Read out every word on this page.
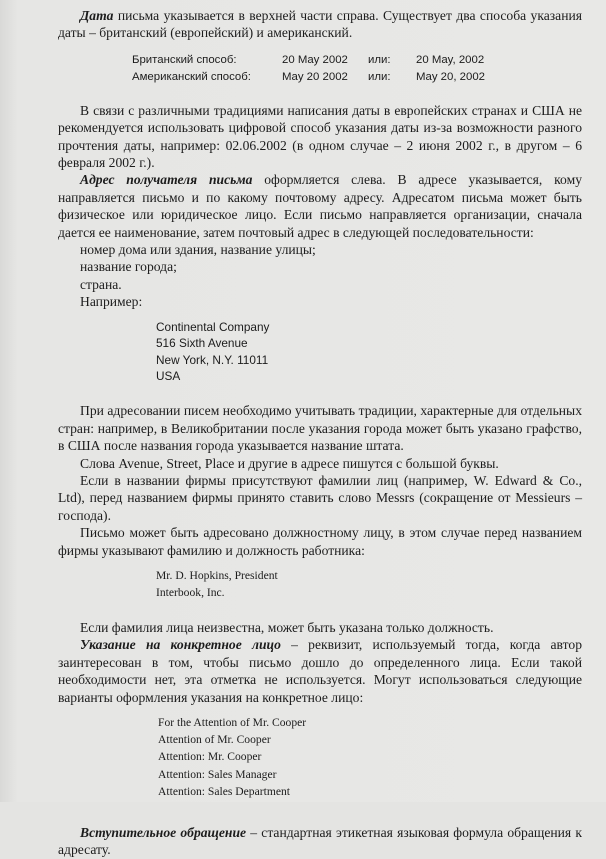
Дата письма указывается в верхней части справа. Существует два способа указания даты – британский (европейский) и американский.

Британский способ:	20 May 2002	или:	20 May, 2002
Американский способ:	May 20 2002	или:	May 20, 2002

В связи с различными традициями написания даты в европейских странах и США не рекомендуется использовать цифровой способ указания даты из-за возможности разного прочтения даты, например: 02.06.2002 (в одном случае – 2 июня 2002 г., в другом – 6 февраля 2002 г.).

Адрес получателя письма оформляется слева. В адресе указывается, кому направляется письмо и по какому почтовому адресу. Адресатом письма может быть физическое или юридическое лицо. Если письмо направляется организации, сначала дается ее наименование, затем почтовый адрес в следующей последовательности:

номер дома или здания, название улицы;
название города;
страна.
Например:
Continental Company
516 Sixth Avenue
New York, N.Y. 11011
USA

При адресовании писем необходимо учитывать традиции, характерные для отдельных стран: например, в Великобритании после указания города может быть указано графство, в США после названия города указывается название штата.

Слова Avenue, Street, Place и другие в адресе пишутся с большой буквы.

Если в названии фирмы присутствуют фамилии лиц (например, W. Edward & Co., Ltd), перед названием фирмы принято ставить слово Messrs (сокращение от Messieurs – господа).

Письмо может быть адресовано должностному лицу, в этом случае перед названием фирмы указывают фамилию и должность работника:

Mr. D. Hopkins, President
Interbook, Inc.

Если фамилия лица неизвестна, может быть указана только должность.

Указание на конкретное лицо – реквизит, используемый тогда, когда автор заинтересован в том, чтобы письмо дошло до определенного лица. Если такой необходимости нет, эта отметка не используется. Могут использоваться следующие варианты оформления указания на конкретное лицо:

For the Attention of Mr. Cooper
Attention of Mr. Cooper
Attention: Mr. Cooper
Attention: Sales Manager
Attention: Sales Department

Вступительное обращение – стандартная этикетная языковая формула обращения к адресату.
